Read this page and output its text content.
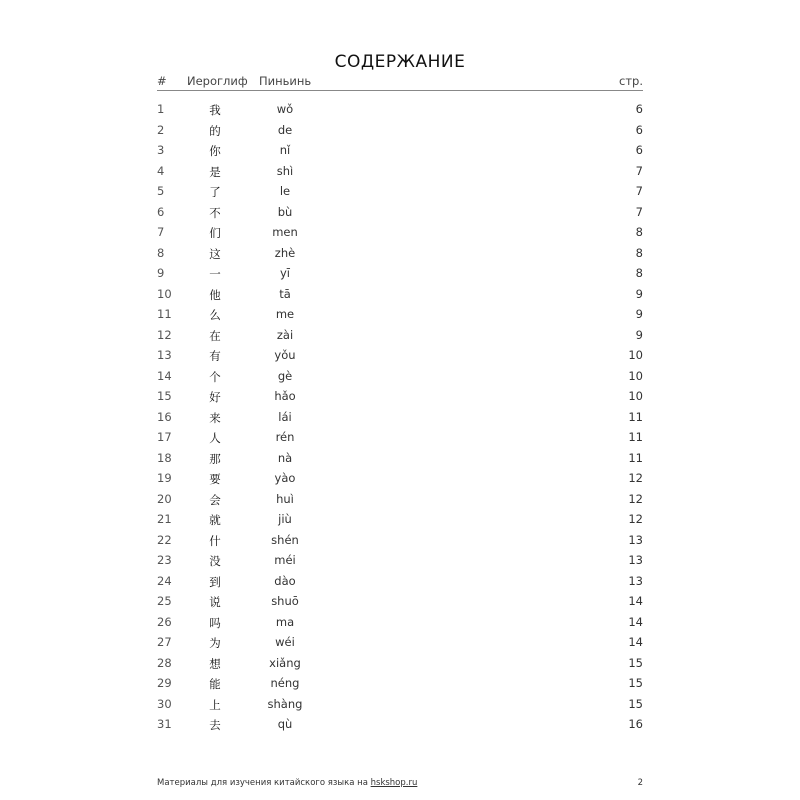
СОДЕРЖАНИЕ
# Иероглиф Пиньинь	стр.
1	我	wǒ	6
2	的	de	6
3	你	nǐ	6
4	是	shì	7
5	了	le	7
6	不	bù	7
7	们	men	8
8	这	zhè	8
9	一	yī	8
10	他	tā	9
11	么	me	9
12	在	zài	9
13	有	yǒu	10
14	个	gè	10
15	好	hǎo	10
16	来	lái	11
17	人	rén	11
18	那	nà	11
19	要	yào	12
20	会	huì	12
21	就	jiù	12
22	什	shén	13
23	没	méi	13
24	到	dào	13
25	说	shuō	14
26	吗	ma	14
27	为	wéi	14
28	想	xiǎng	15
29	能	néng	15
30	上	shàng	15
31	去	qù	16
Материалы для изучения китайского языка на hskshop.ru	2
